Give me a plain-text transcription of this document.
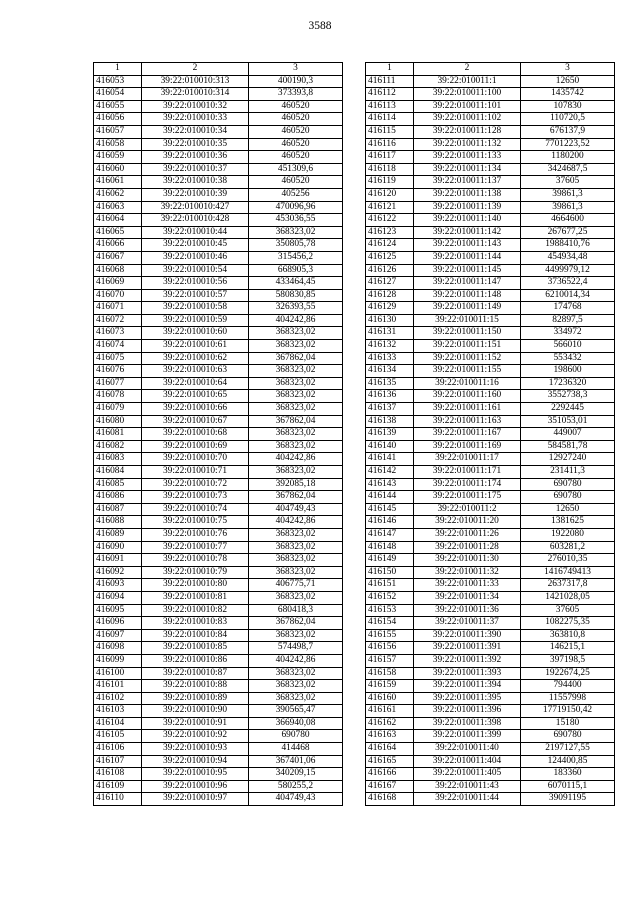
3588
1	2	3
416053	39:22:010010:313	400190,3
416054	39:22:010010:314	373393,8
416055	39:22:010010:32	460520
416056	39:22:010010:33	460520
416057	39:22:010010:34	460520
416058	39:22:010010:35	460520
416059	39:22:010010:36	460520
416060	39:22:010010:37	451309,6
416061	39:22:010010:38	460520
416062	39:22:010010:39	405256
416063	39:22:010010:427	470096,96
416064	39:22:010010:428	453036,55
416065	39:22:010010:44	368323,02
416066	39:22:010010:45	350805,78
416067	39:22:010010:46	315456,2
416068	39:22:010010:54	668905,3
416069	39:22:010010:56	433464,45
416070	39:22:010010:57	580830,85
416071	39:22:010010:58	326393,55
416072	39:22:010010:59	404242,86
416073	39:22:010010:60	368323,02
416074	39:22:010010:61	368323,02
416075	39:22:010010:62	367862,04
416076	39:22:010010:63	368323,02
416077	39:22:010010:64	368323,02
416078	39:22:010010:65	368323,02
416079	39:22:010010:66	368323,02
416080	39:22:010010:67	367862,04
416081	39:22:010010:68	368323,02
416082	39:22:010010:69	368323,02
416083	39:22:010010:70	404242,86
416084	39:22:010010:71	368323,02
416085	39:22:010010:72	392085,18
416086	39:22:010010:73	367862,04
416087	39:22:010010:74	404749,43
416088	39:22:010010:75	404242,86
416089	39:22:010010:76	368323,02
416090	39:22:010010:77	368323,02
416091	39:22:010010:78	368323,02
416092	39:22:010010:79	368323,02
416093	39:22:010010:80	406775,71
416094	39:22:010010:81	368323,02
416095	39:22:010010:82	680418,3
416096	39:22:010010:83	367862,04
416097	39:22:010010:84	368323,02
416098	39:22:010010:85	574498,7
416099	39:22:010010:86	404242,86
416100	39:22:010010:87	368323,02
416101	39:22:010010:88	368323,02
416102	39:22:010010:89	368323,02
416103	39:22:010010:90	390565,47
416104	39:22:010010:91	366940,08
416105	39:22:010010:92	690780
416106	39:22:010010:93	414468
416107	39:22:010010:94	367401,06
416108	39:22:010010:95	340209,15
416109	39:22:010010:96	580255,2
416110	39:22:010010:97	404749,43
1	2	3
416111	39:22:010011:1	12650
416112	39:22:010011:100	1435742
416113	39:22:010011:101	107830
416114	39:22:010011:102	110720,5
416115	39:22:010011:128	676137,9
416116	39:22:010011:132	7701223,52
416117	39:22:010011:133	1180200
416118	39:22:010011:134	3424687,5
416119	39:22:010011:137	37605
416120	39:22:010011:138	39861,3
416121	39:22:010011:139	39861,3
416122	39:22:010011:140	4664600
416123	39:22:010011:142	267677,25
416124	39:22:010011:143	1988410,76
416125	39:22:010011:144	454934,48
416126	39:22:010011:145	4499979,12
416127	39:22:010011:147	3736522,4
416128	39:22:010011:148	6210014,34
416129	39:22:010011:149	174768
416130	39:22:010011:15	82897,5
416131	39:22:010011:150	334972
416132	39:22:010011:151	566010
416133	39:22:010011:152	553432
416134	39:22:010011:155	198600
416135	39:22:010011:16	17236320
416136	39:22:010011:160	3552738,3
416137	39:22:010011:161	2292445
416138	39:22:010011:163	351053,01
416139	39:22:010011:167	449007
416140	39:22:010011:169	584581,78
416141	39:22:010011:17	12927240
416142	39:22:010011:171	231411,3
416143	39:22:010011:174	690780
416144	39:22:010011:175	690780
416145	39:22:010011:2	12650
416146	39:22:010011:20	1381625
416147	39:22:010011:26	1922080
416148	39:22:010011:28	603281,2
416149	39:22:010011:30	276010,35
416150	39:22:010011:32	1416749413
416151	39:22:010011:33	2637317,8
416152	39:22:010011:34	1421028,05
416153	39:22:010011:36	37605
416154	39:22:010011:37	1082275,35
416155	39:22:010011:390	363810,8
416156	39:22:010011:391	146215,1
416157	39:22:010011:392	397198,5
416158	39:22:010011:393	1922674,25
416159	39:22:010011:394	794400
416160	39:22:010011:395	11557998
416161	39:22:010011:396	17719150,42
416162	39:22:010011:398	15180
416163	39:22:010011:399	690780
416164	39:22:010011:40	2197127,55
416165	39:22:010011:404	124400,85
416166	39:22:010011:405	183360
416167	39:22:010011:43	6070115,1
416168	39:22:010011:44	39091195
